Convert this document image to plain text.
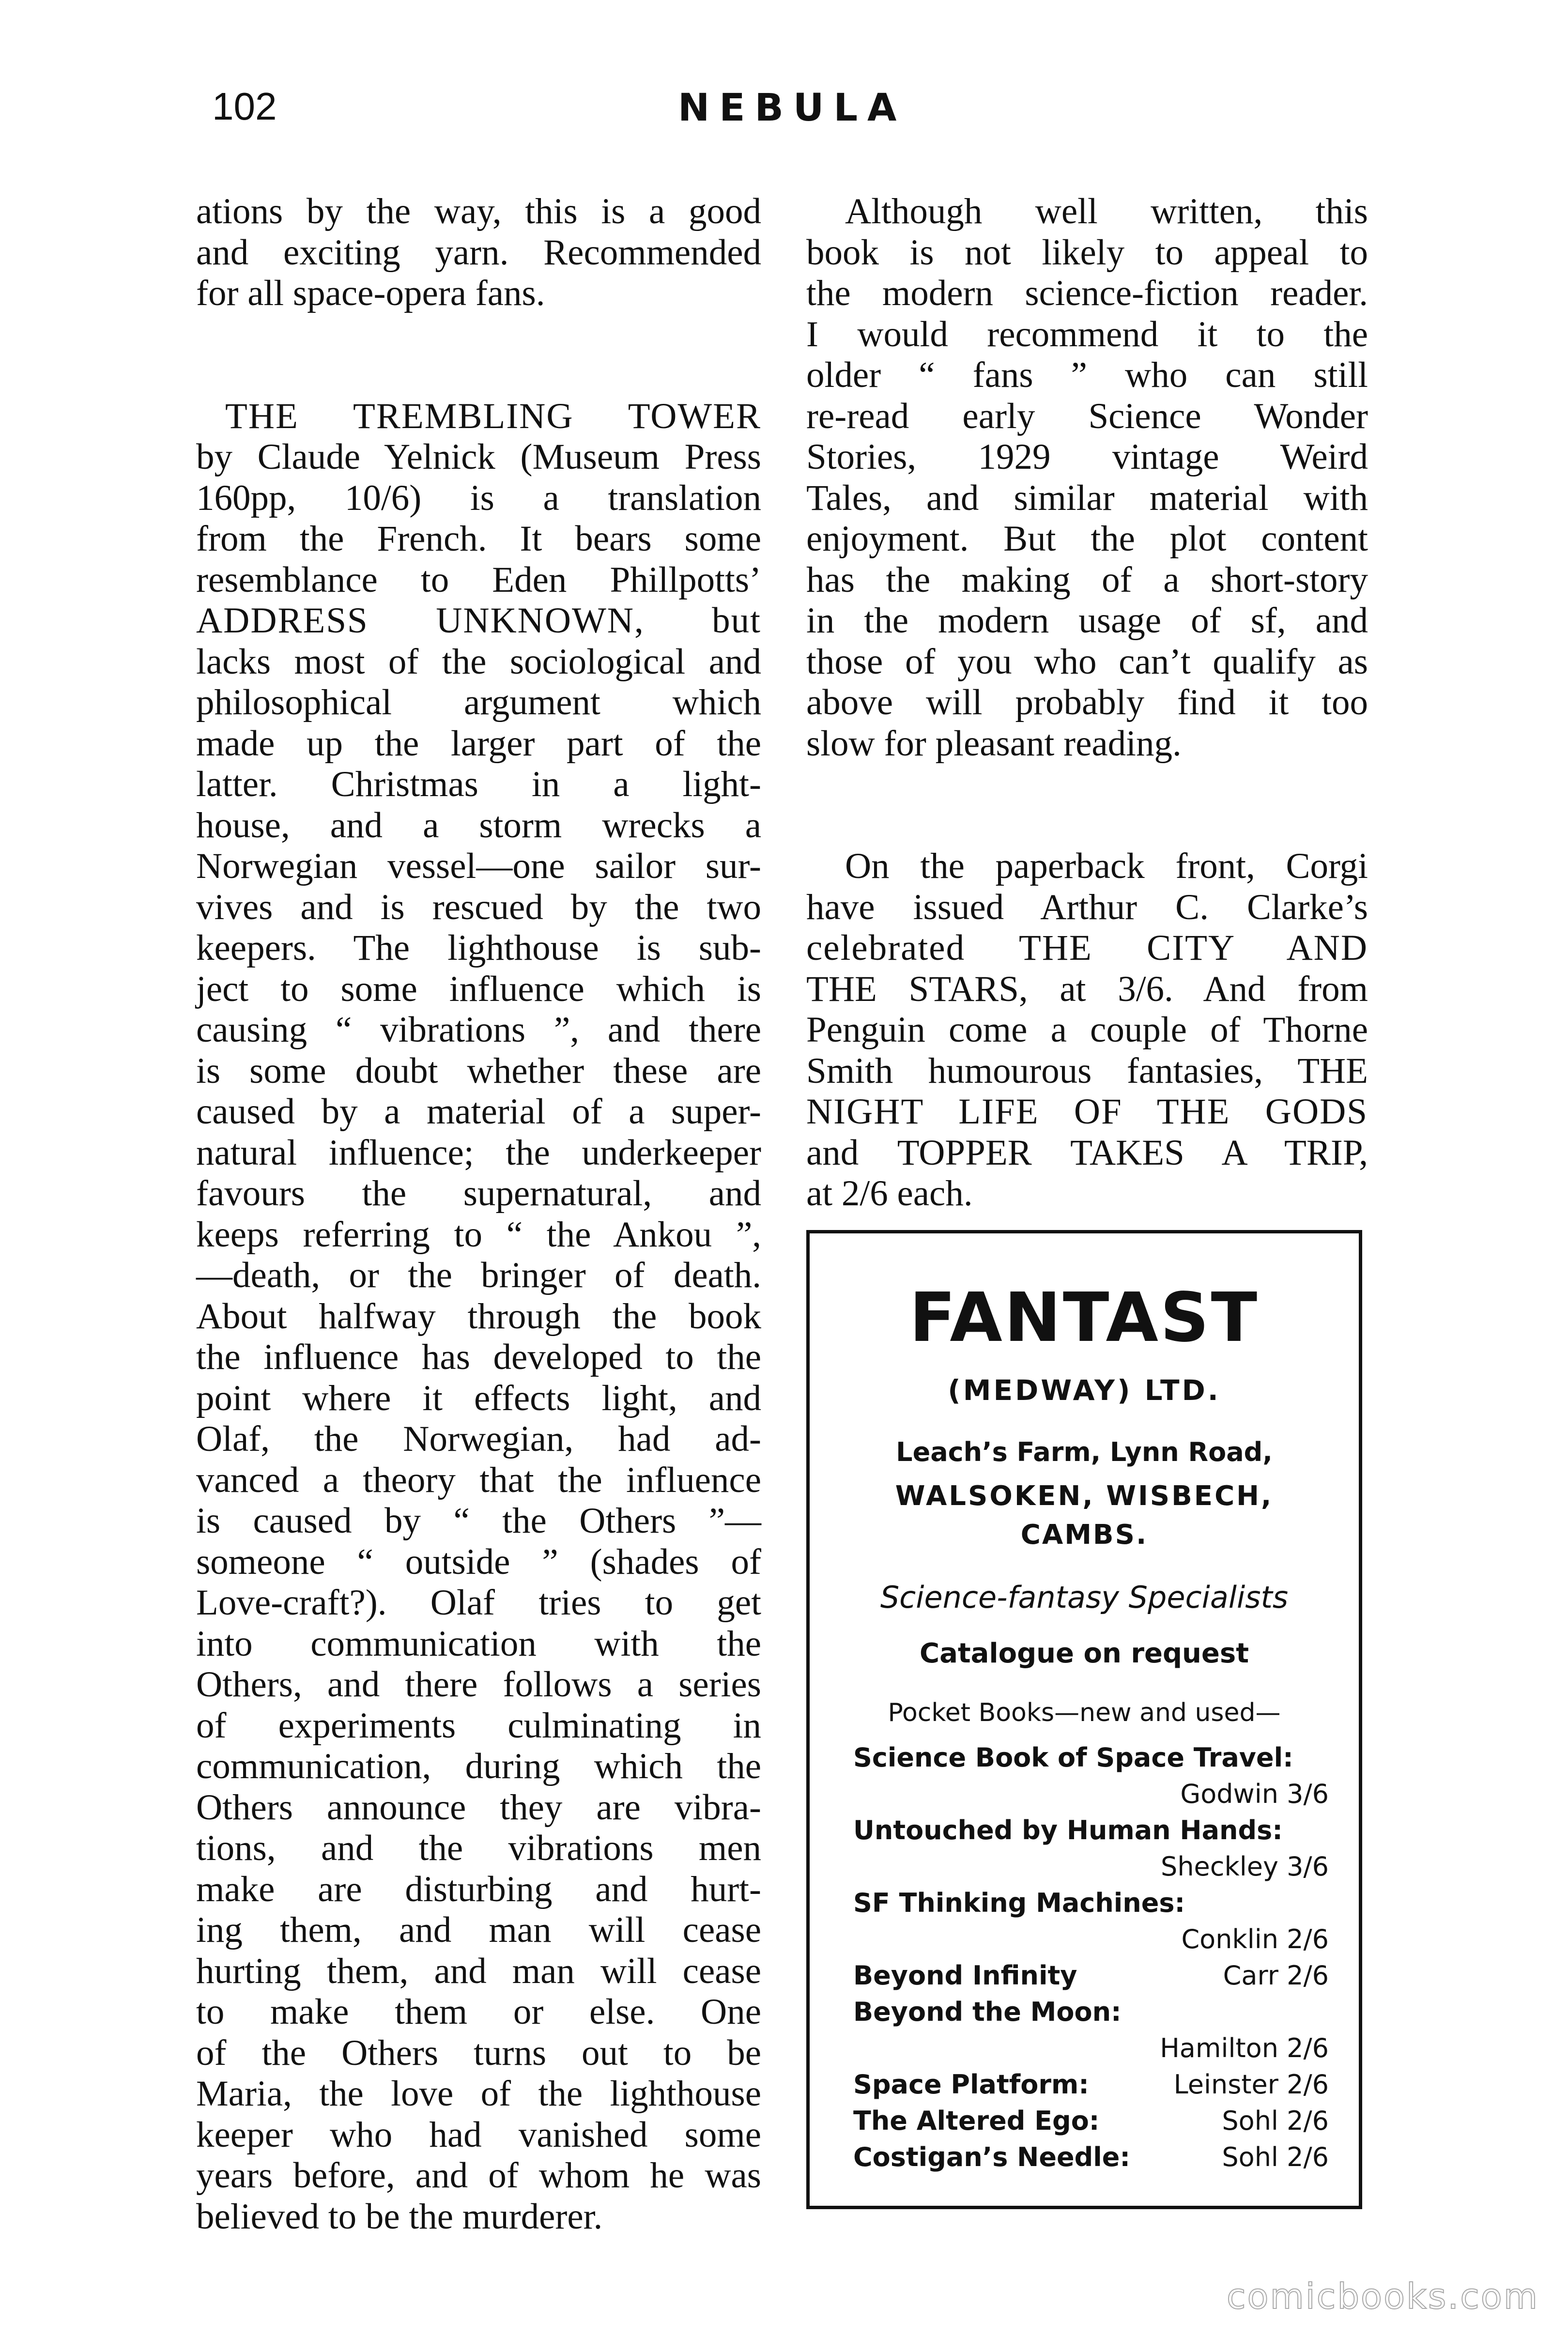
102	NEBULA
ations by the way, this is a good
and exciting yarn. Recommended
for all space-opera fans.
THE TREMBLING TOWER
by Claude Yelnick (Museum Press
160pp, 10/6) is a translation
from the French. It bears some
resemblance to Eden Phillpotts’
ADDRESS UNKNOWN, but
lacks most of the sociological and
philosophical argument which
made up the larger part of the
latter. Christmas in a light-
house, and a storm wrecks a
Norwegian vessel—one sailor sur-
vives and is rescued by the two
keepers. The lighthouse is sub-
ject to some influence which is
causing “ vibrations ”, and there
is some doubt whether these are
caused by a material of a super-
natural influence; the underkeeper
favours the supernatural, and
keeps referring to “ the Ankou ”,
—death, or the bringer of death.
About halfway through the book
the influence has developed to the
point where it effects light, and
Olaf, the Norwegian, had ad-
vanced a theory that the influence
is caused by “ the Others ”—
someone “ outside ” (shades of
Love-craft?). Olaf tries to get
into communication with the
Others, and there follows a series
of experiments culminating in
communication, during which the
Others announce they are vibra-
tions, and the vibrations men
make are disturbing and hurt-
ing them, and man will cease
hurting them, and man will cease
to make them or else. One
of the Others turns out to be
Maria, the love of the lighthouse
keeper who had vanished some
years before, and of whom he was
believed to be the murderer.
Although well written, this
book is not likely to appeal to
the modern science-fiction reader.
I would recommend it to the
older “ fans ” who can still
re-read early Science Wonder
Stories, 1929 vintage Weird
Tales, and similar material with
enjoyment. But the plot content
has the making of a short-story
in the modern usage of sf, and
those of you who can’t qualify as
above will probably find it too
slow for pleasant reading.
On the paperback front, Corgi
have issued Arthur C. Clarke’s
celebrated THE CITY AND
THE STARS, at 3/6. And from
Penguin come a couple of Thorne
Smith humourous fantasies, THE
NIGHT LIFE OF THE GODS
and TOPPER TAKES A TRIP,
at 2/6 each.
FANTAST
(MEDWAY) LTD.
Leach’s Farm, Lynn Road,
WALSOKEN, WISBECH,
CAMBS.
Science-fantasy Specialists
Catalogue on request
Pocket Books—new and used—
Science Book of Space Travel:
Godwin 3/6
Untouched by Human Hands:
Sheckley 3/6
SF Thinking Machines:
Conklin 2/6
Beyond Infinity	Carr 2/6
Beyond the Moon:
Hamilton 2/6
Space Platform:	Leinster 2/6
The Altered Ego:	Sohl 2/6
Costigan’s Needle:	Sohl 2/6
comicbooks.com
